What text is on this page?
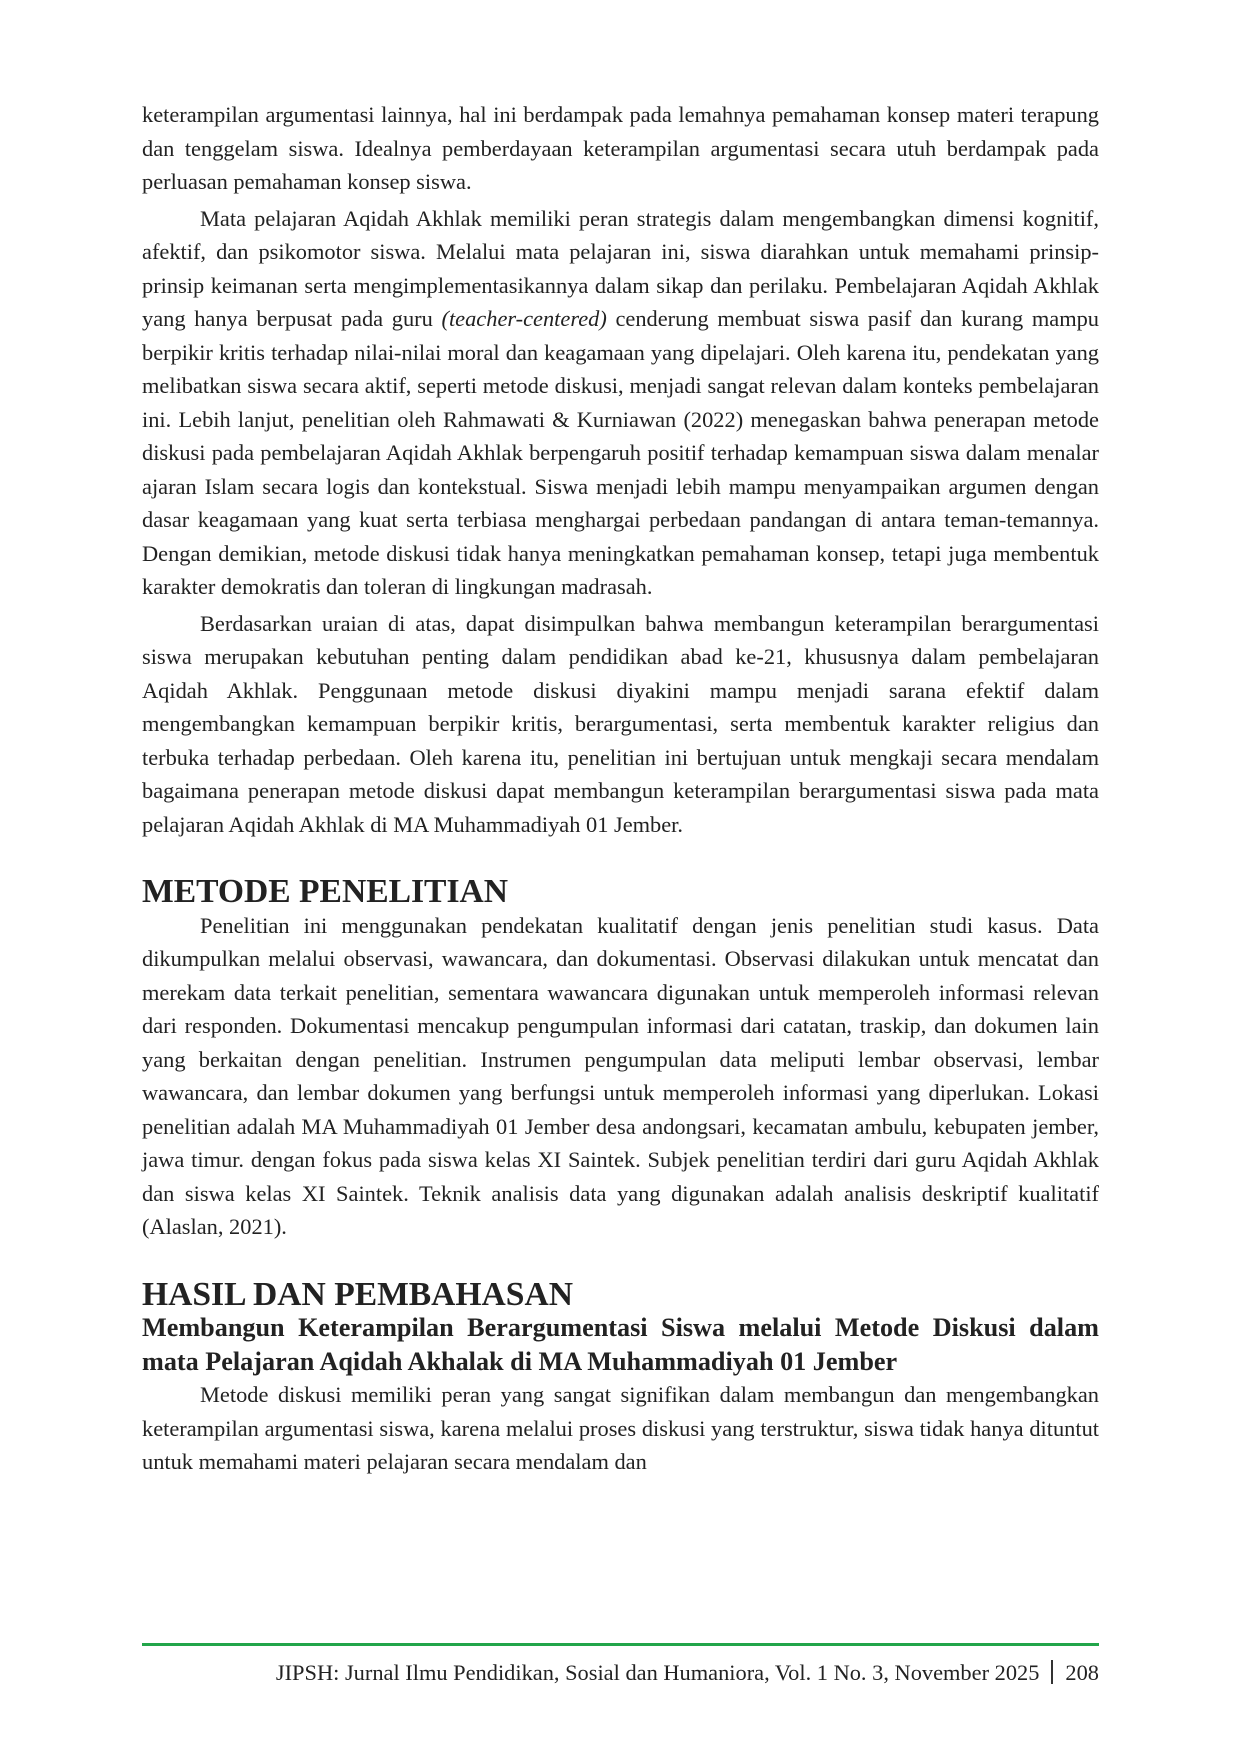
keterampilan argumentasi lainnya, hal ini berdampak pada lemahnya pemahaman konsep materi terapung dan tenggelam siswa. Idealnya pemberdayaan keterampilan argumentasi secara utuh berdampak pada perluasan pemahaman konsep siswa.

Mata pelajaran Aqidah Akhlak memiliki peran strategis dalam mengembangkan dimensi kognitif, afektif, dan psikomotor siswa. Melalui mata pelajaran ini, siswa diarahkan untuk memahami prinsip-prinsip keimanan serta mengimplementasikannya dalam sikap dan perilaku. Pembelajaran Aqidah Akhlak yang hanya berpusat pada guru (teacher-centered) cenderung membuat siswa pasif dan kurang mampu berpikir kritis terhadap nilai-nilai moral dan keagamaan yang dipelajari. Oleh karena itu, pendekatan yang melibatkan siswa secara aktif, seperti metode diskusi, menjadi sangat relevan dalam konteks pembelajaran ini. Lebih lanjut, penelitian oleh Rahmawati & Kurniawan (2022) menegaskan bahwa penerapan metode diskusi pada pembelajaran Aqidah Akhlak berpengaruh positif terhadap kemampuan siswa dalam menalar ajaran Islam secara logis dan kontekstual. Siswa menjadi lebih mampu menyampaikan argumen dengan dasar keagamaan yang kuat serta terbiasa menghargai perbedaan pandangan di antara teman-temannya. Dengan demikian, metode diskusi tidak hanya meningkatkan pemahaman konsep, tetapi juga membentuk karakter demokratis dan toleran di lingkungan madrasah.

Berdasarkan uraian di atas, dapat disimpulkan bahwa membangun keterampilan berargumentasi siswa merupakan kebutuhan penting dalam pendidikan abad ke-21, khususnya dalam pembelajaran Aqidah Akhlak. Penggunaan metode diskusi diyakini mampu menjadi sarana efektif dalam mengembangkan kemampuan berpikir kritis, berargumentasi, serta membentuk karakter religius dan terbuka terhadap perbedaan. Oleh karena itu, penelitian ini bertujuan untuk mengkaji secara mendalam bagaimana penerapan metode diskusi dapat membangun keterampilan berargumentasi siswa pada mata pelajaran Aqidah Akhlak di MA Muhammadiyah 01 Jember.

METODE PENELITIAN

Penelitian ini menggunakan pendekatan kualitatif dengan jenis penelitian studi kasus. Data dikumpulkan melalui observasi, wawancara, dan dokumentasi. Observasi dilakukan untuk mencatat dan merekam data terkait penelitian, sementara wawancara digunakan untuk memperoleh informasi relevan dari responden. Dokumentasi mencakup pengumpulan informasi dari catatan, traskip, dan dokumen lain yang berkaitan dengan penelitian. Instrumen pengumpulan data meliputi lembar observasi, lembar wawancara, dan lembar dokumen yang berfungsi untuk memperoleh informasi yang diperlukan. Lokasi penelitian adalah MA Muhammadiyah 01 Jember desa andongsari, kecamatan ambulu, kebupaten jember, jawa timur. dengan fokus pada siswa kelas XI Saintek. Subjek penelitian terdiri dari guru Aqidah Akhlak dan siswa kelas XI Saintek. Teknik analisis data yang digunakan adalah analisis deskriptif kualitatif (Alaslan, 2021).

HASIL DAN PEMBAHASAN
Membangun Keterampilan Berargumentasi Siswa melalui Metode Diskusi dalam mata Pelajaran Aqidah Akhalak di MA Muhammadiyah 01 Jember

Metode diskusi memiliki peran yang sangat signifikan dalam membangun dan mengembangkan keterampilan argumentasi siswa, karena melalui proses diskusi yang terstruktur, siswa tidak hanya dituntut untuk memahami materi pelajaran secara mendalam dan

JIPSH: Jurnal Ilmu Pendidikan, Sosial dan Humaniora, Vol. 1 No. 3, November 2025 208
